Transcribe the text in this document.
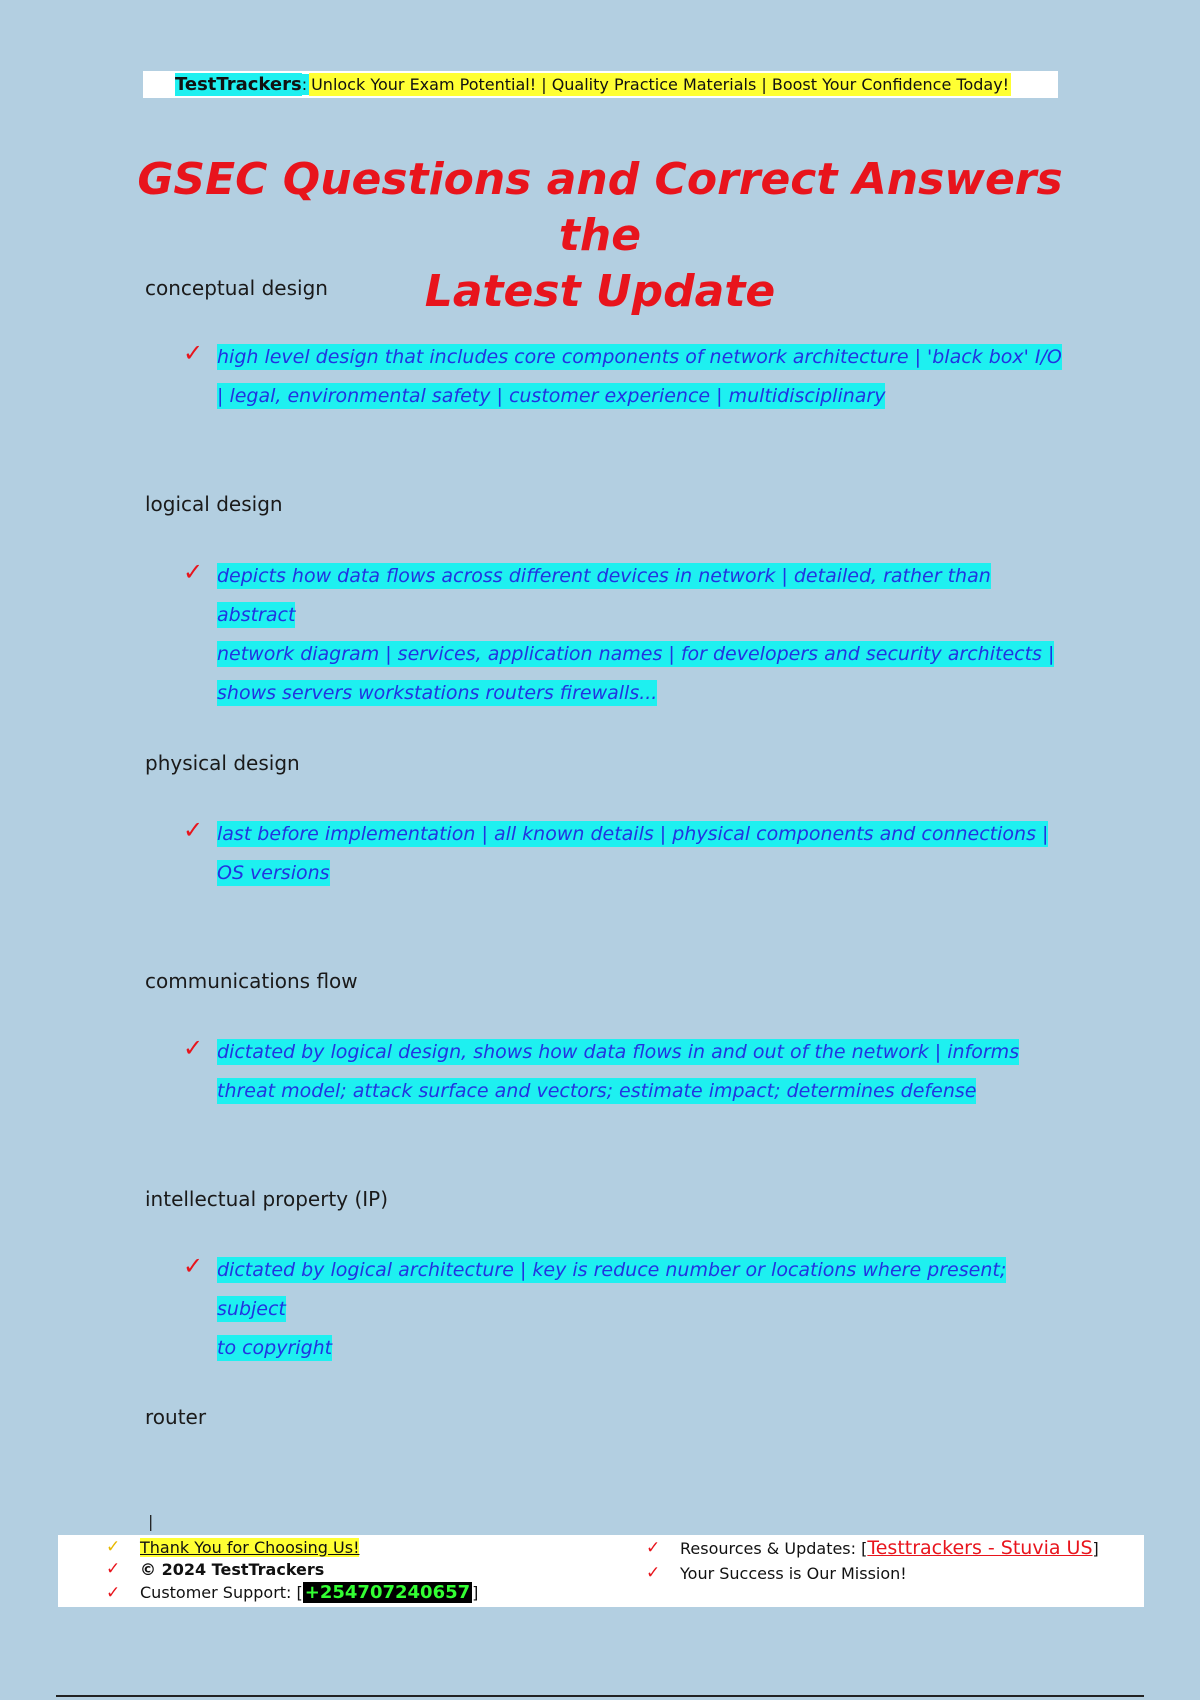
TestTrackers : Unlock Your Exam Potential! | Quality Practice Materials | Boost Your Confidence Today!
GSEC Questions and Correct Answers the
Latest Update
conceptual design
✓ high level design that includes core components of network architecture | 'black box' I/O
| legal, environmental safety | customer experience | multidisciplinary
logical design
✓ depicts how data flows across different devices in network | detailed, rather than abstract
network diagram | services, application names | for developers and security architects |
shows servers workstations routers firewalls...
physical design
✓ last before implementation | all known details | physical components and connections |
OS versions
communications flow
✓ dictated by logical design, shows how data flows in and out of the network | informs
threat model; attack surface and vectors; estimate impact; determines defense
intellectual property (IP)
✓ dictated by logical architecture | key is reduce number or locations where present; subject
to copyright
router
|
✓	Thank You for Choosing Us!
✓	© 2024 TestTrackers
✓	Customer Support: [ +254707240657 ]
✓	Resources & Updates: [ Testtrackers - Stuvia US ]
✓	Your Success is Our Mission!
